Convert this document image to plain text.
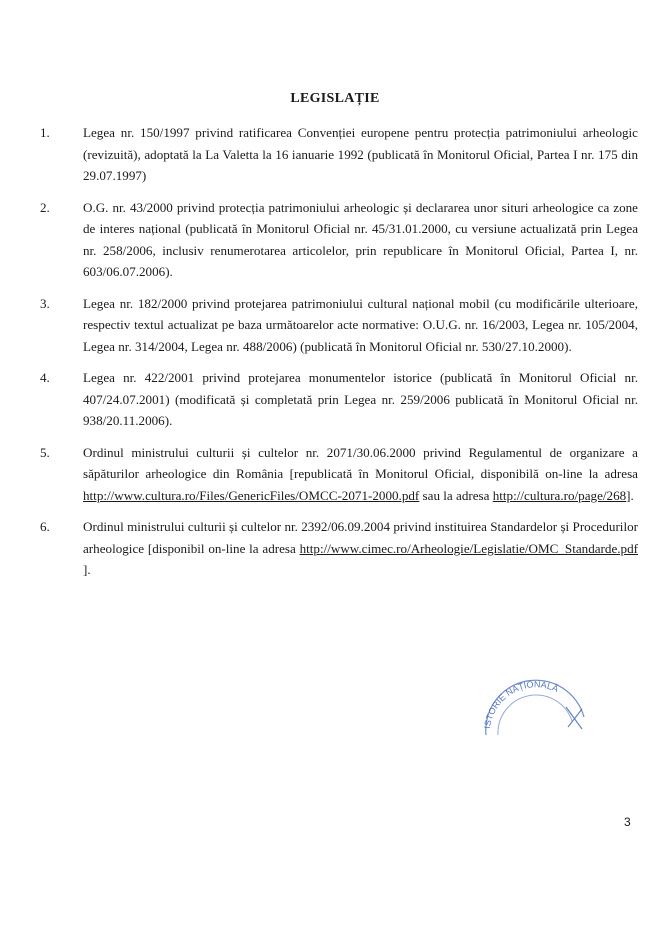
LEGISLAȚIE
1.	Legea nr. 150/1997 privind ratificarea Convenției europene pentru protecția patrimoniului arheologic (revizuită), adoptată la La Valetta la 16 ianuarie 1992 (publicată în Monitorul Oficial, Partea I nr. 175 din 29.07.1997)
2.	O.G. nr. 43/2000 privind protecția patrimoniului arheologic și declararea unor situri arheologice ca zone de interes național (publicată în Monitorul Oficial nr. 45/31.01.2000, cu versiune actualizată prin Legea nr. 258/2006, inclusiv renumerotarea articolelor, prin republicare în Monitorul Oficial, Partea I, nr. 603/06.07.2006).
3.	Legea nr. 182/2000 privind protejarea patrimoniului cultural național mobil (cu modificările ulterioare, respectiv textul actualizat pe baza următoarelor acte normative: O.U.G. nr. 16/2003, Legea nr. 105/2004, Legea nr. 314/2004, Legea nr. 488/2006) (publicată în Monitorul Oficial nr. 530/27.10.2000).
4.	Legea nr. 422/2001 privind protejarea monumentelor istorice (publicată în Monitorul Oficial nr. 407/24.07.2001) (modificată și completată prin Legea nr. 259/2006 publicată în Monitorul Oficial nr. 938/20.11.2006).
5.	Ordinul ministrului culturii și cultelor nr. 2071/30.06.2000 privind Regulamentul de organizare a săpăturilor arheologice din România [republicată în Monitorul Oficial, disponibilă on-line la adresa http://www.cultura.ro/Files/GenericFiles/OMCC-2071-2000.pdf sau la adresa http://cultura.ro/page/268].
6.	Ordinul ministrului culturii și cultelor nr. 2392/06.09.2004 privind instituirea Standardelor și Procedurilor arheologice [disponibil on-line la adresa http://www.cimec.ro/Arheologie/Legislatie/OMC_Standarde.pdf ].
ISTORIE NAȚIONALĂ
3
